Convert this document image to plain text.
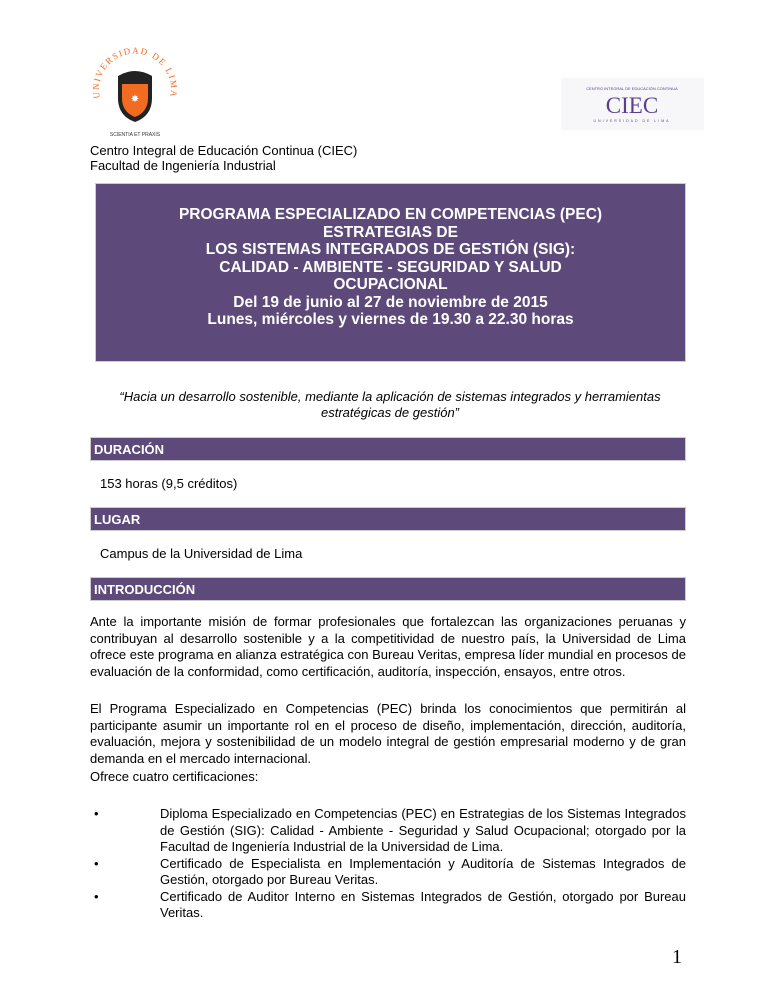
UNIVERSIDAD DE LIMA
✸
SCIENTIA ET PRAXIS
CENTRO INTEGRAL DE EDUCACIÓN CONTINUA
CIEC
UNIVERSIDAD DE LIMA
Centro Integral de Educación Continua (CIEC)
Facultad de Ingeniería Industrial
PROGRAMA ESPECIALIZADO EN COMPETENCIAS (PEC)
ESTRATEGIAS DE
LOS SISTEMAS INTEGRADOS DE GESTIÓN (SIG):
CALIDAD - AMBIENTE - SEGURIDAD Y SALUD
OCUPACIONAL
Del 19 de junio al 27 de noviembre de 2015
Lunes, miércoles y viernes de 19.30 a 22.30 horas
“Hacia un desarrollo sostenible, mediante la aplicación de sistemas integrados y herramientas estratégicas de gestión”
DURACIÓN
153 horas (9,5 créditos)
LUGAR
Campus de la Universidad de Lima
INTRODUCCIÓN
Ante la importante misión de formar profesionales que fortalezcan las organizaciones peruanas y contribuyan al desarrollo sostenible y a la competitividad de nuestro país, la Universidad de Lima ofrece este programa en alianza estratégica con Bureau Veritas, empresa líder mundial en procesos de evaluación de la conformidad, como certificación, auditoría, inspección, ensayos, entre otros.
El Programa Especializado en Competencias (PEC) brinda los conocimientos que permitirán al participante asumir un importante rol en el proceso de diseño, implementación, dirección, auditoría, evaluación, mejora y sostenibilidad de un modelo integral de gestión empresarial moderno y de gran demanda en el mercado internacional.
Ofrece cuatro certificaciones:
•	Diploma Especializado en Competencias (PEC) en Estrategias de los Sistemas Integrados de Gestión (SIG): Calidad - Ambiente - Seguridad y Salud Ocupacional; otorgado por la Facultad de Ingeniería Industrial de la Universidad de Lima.
•	Certificado de Especialista en Implementación y Auditoría de Sistemas Integrados de Gestión, otorgado por Bureau Veritas.
•	Certificado de Auditor Interno en Sistemas Integrados de Gestión, otorgado por Bureau Veritas.
1
